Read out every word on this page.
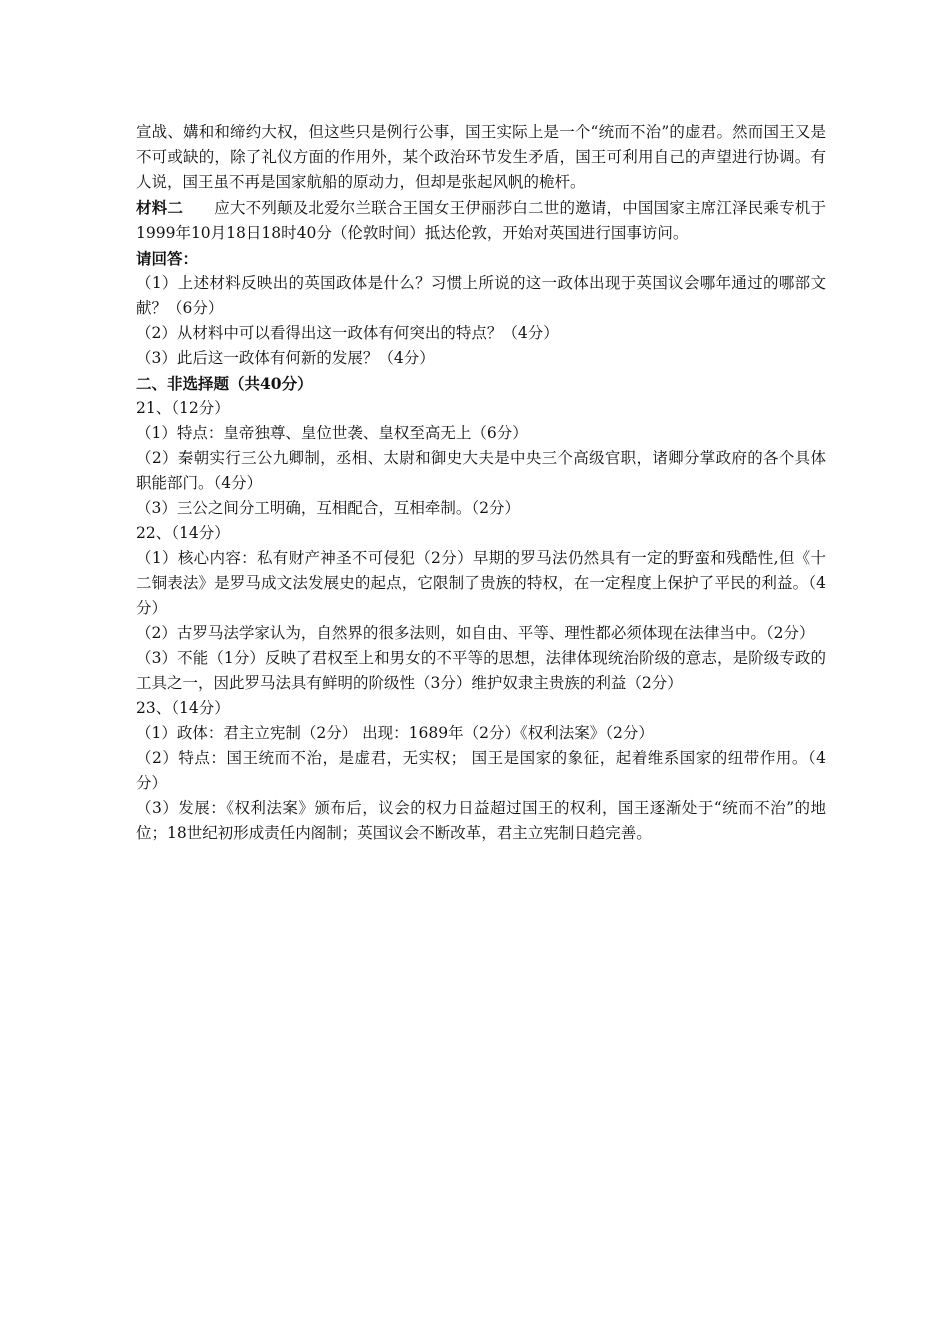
宣战、媾和和缔约大权，但这些只是例行公事，国王实际上是一个“统而不治”的虚君。然而国王又是不可或缺的，除了礼仪方面的作用外，某个政治环节发生矛盾，国王可利用自己的声望进行协调。有人说，国王虽不再是国家航船的原动力，但却是张起风帆的桅杆。

材料二 应大不列颠及北爱尔兰联合王国女王伊丽莎白二世的邀请，中国国家主席江泽民乘专机于1999年10月18日18时40分（伦敦时间）抵达伦敦，开始对英国进行国事访问。

请回答：

（1）上述材料反映出的英国政体是什么？习惯上所说的这一政体出现于英国议会哪年通过的哪部文献？（6分）

（2）从材料中可以看得出这一政体有何突出的特点？（4分）

（3）此后这一政体有何新的发展？（4分）

二、非选择题（共40分）

21、（12分）

（1）特点：皇帝独尊、皇位世袭、皇权至高无上（6分）

（2）秦朝实行三公九卿制，丞相、太尉和御史大夫是中央三个高级官职，诸卿分掌政府的各个具体职能部门。（4分）

（3）三公之间分工明确，互相配合，互相牵制。（2分）

22、（14分）

（1）核心内容：私有财产神圣不可侵犯（2分）早期的罗马法仍然具有一定的野蛮和残酷性,但《十二铜表法》是罗马成文法发展史的起点，它限制了贵族的特权，在一定程度上保护了平民的利益。（4分）

（2）古罗马法学家认为，自然界的很多法则，如自由、平等、理性都必须体现在法律当中。（2分）

（3）不能（1分）反映了君权至上和男女的不平等的思想，法律体现统治阶级的意志，是阶级专政的工具之一，因此罗马法具有鲜明的阶级性（3分）维护奴隶主贵族的利益（2分）

23、（14分）

（1）政体：君主立宪制（2分） 出现：1689年（2分）《权利法案》（2分）

（2）特点：国王统而不治，是虚君，无实权； 国王是国家的象征，起着维系国家的纽带作用。（4分）

（3）发展：《权利法案》颁布后，议会的权力日益超过国王的权利，国王逐渐处于“统而不治”的地位；18世纪初形成责任内阁制；英国议会不断改革，君主立宪制日趋完善。
